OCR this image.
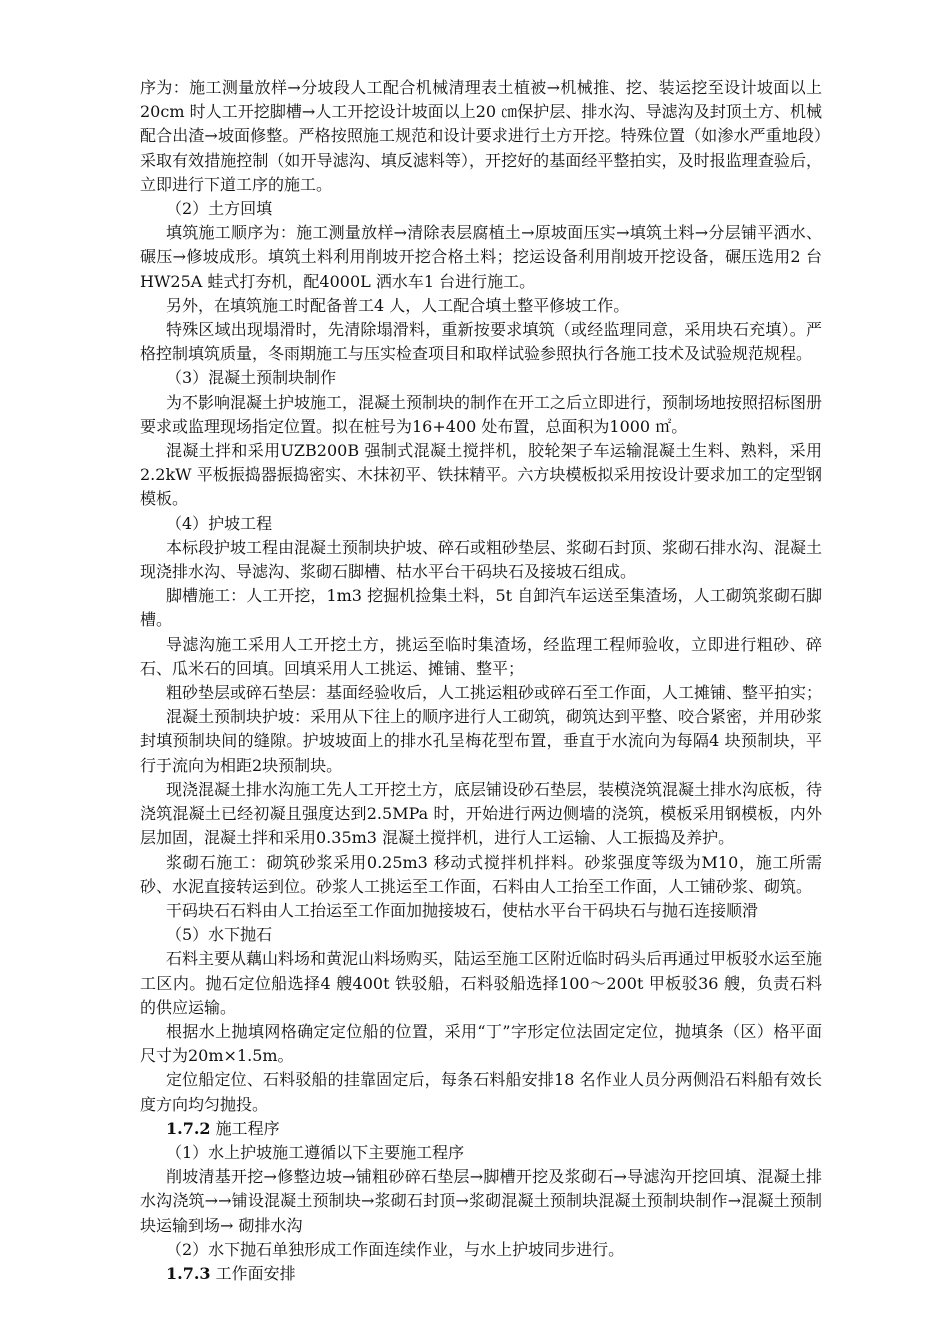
序为：施工测量放样→分坡段人工配合机械清理表土植被→机械推、挖、装运挖至设计坡面以上20cm 时人工开挖脚槽→人工开挖设计坡面以上20 ㎝保护层、排水沟、导滤沟及封顶土方、机械配合出渣→坡面修整。严格按照施工规范和设计要求进行土方开挖。特殊位置（如渗水严重地段）采取有效措施控制（如开导滤沟、填反滤料等），开挖好的基面经平整拍实，及时报监理查验后，立即进行下道工序的施工。

（2）土方回填

填筑施工顺序为：施工测量放样→清除表层腐植土→原坡面压实→填筑土料→分层铺平洒水、碾压→修坡成形。填筑土料利用削坡开挖合格土料；挖运设备利用削坡开挖设备，碾压选用2 台HW25A 蛙式打夯机，配4000L 洒水车1 台进行施工。

另外，在填筑施工时配备普工4 人，人工配合填土整平修坡工作。

特殊区域出现塌滑时，先清除塌滑料，重新按要求填筑（或经监理同意，采用块石充填）。严格控制填筑质量，冬雨期施工与压实检查项目和取样试验参照执行各施工技术及试验规范规程。

（3）混凝土预制块制作

为不影响混凝土护坡施工，混凝土预制块的制作在开工之后立即进行，预制场地按照招标图册要求或监理现场指定位置。拟在桩号为16+400 处布置，总面积为1000 ㎡。

混凝土拌和采用UZB200B 强制式混凝土搅拌机，胶轮架子车运输混凝土生料、熟料，采用2.2kW 平板振捣器振捣密实、木抹初平、铁抹精平。六方块模板拟采用按设计要求加工的定型钢模板。

（4）护坡工程

本标段护坡工程由混凝土预制块护坡、碎石或粗砂垫层、浆砌石封顶、浆砌石排水沟、混凝土现浇排水沟、导滤沟、浆砌石脚槽、枯水平台干码块石及接坡石组成。

脚槽施工：人工开挖，1m3 挖掘机捡集土料，5t 自卸汽车运送至集渣场，人工砌筑浆砌石脚槽。

导滤沟施工采用人工开挖土方，挑运至临时集渣场，经监理工程师验收，立即进行粗砂、碎石、瓜米石的回填。回填采用人工挑运、摊铺、整平；

粗砂垫层或碎石垫层：基面经验收后，人工挑运粗砂或碎石至工作面，人工摊铺、整平拍实；

混凝土预制块护坡：采用从下往上的顺序进行人工砌筑，砌筑达到平整、咬合紧密，并用砂浆封填预制块间的缝隙。护坡坡面上的排水孔呈梅花型布置，垂直于水流向为每隔4 块预制块，平行于流向为相距2块预制块。

现浇混凝土排水沟施工先人工开挖土方，底层铺设砂石垫层，装模浇筑混凝土排水沟底板，待浇筑混凝土已经初凝且强度达到2.5MPa 时，开始进行两边侧墙的浇筑，模板采用钢模板，内外层加固，混凝土拌和采用0.35m3 混凝土搅拌机，进行人工运输、人工振捣及养护。

浆砌石施工：砌筑砂浆采用0.25m3 移动式搅拌机拌料。砂浆强度等级为M10，施工所需砂、水泥直接转运到位。砂浆人工挑运至工作面，石料由人工抬至工作面，人工铺砂浆、砌筑。

干码块石石料由人工抬运至工作面加抛接坡石，使枯水平台干码块石与抛石连接顺滑

（5）水下抛石

石料主要从藕山料场和黄泥山料场购买，陆运至施工区附近临时码头后再通过甲板驳水运至施工区内。抛石定位船选择4 艘400t 铁驳船，石料驳船选择100～200t 甲板驳36 艘，负责石料的供应运输。

根据水上抛填网格确定定位船的位置，采用“丁”字形定位法固定定位，抛填条（区）格平面尺寸为20m×1.5m。

定位船定位、石料驳船的挂靠固定后，每条石料船安排18 名作业人员分两侧沿石料船有效长度方向均匀抛投。

1.7.2 施工程序

（1）水上护坡施工遵循以下主要施工程序

削坡清基开挖→修整边坡→铺粗砂碎石垫层→脚槽开挖及浆砌石→导滤沟开挖回填、混凝土排水沟浇筑→→铺设混凝土预制块→浆砌石封顶→浆砌混凝土预制块混凝土预制块制作→混凝土预制块运输到场→ 砌排水沟

（2）水下抛石单独形成工作面连续作业，与水上护坡同步进行。

1.7.3 工作面安排
